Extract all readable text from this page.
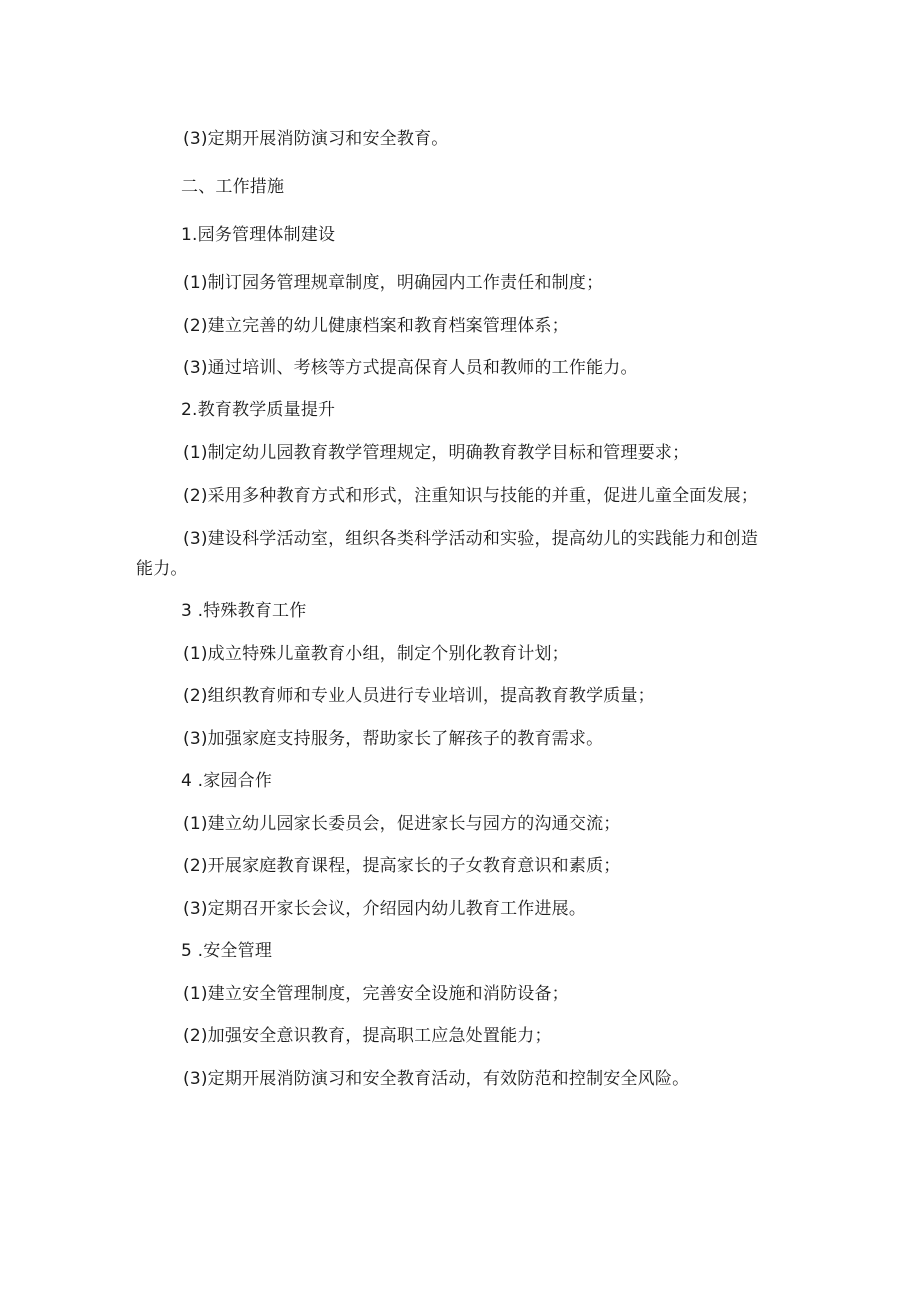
(3)定期开展消防演习和安全教育。
二、工作措施
1.园务管理体制建设
(1)制订园务管理规章制度，明确园内工作责任和制度；
(2)建立完善的幼儿健康档案和教育档案管理体系；
(3)通过培训、考核等方式提高保育人员和教师的工作能力。
2.教育教学质量提升
(1)制定幼儿园教育教学管理规定，明确教育教学目标和管理要求；
(2)采用多种教育方式和形式，注重知识与技能的并重，促进儿童全面发展；
(3)建设科学活动室，组织各类科学活动和实验，提高幼儿的实践能力和创造
能力。
3 .特殊教育工作
(1)成立特殊儿童教育小组，制定个别化教育计划；
(2)组织教育师和专业人员进行专业培训，提高教育教学质量；
(3)加强家庭支持服务，帮助家长了解孩子的教育需求。
4 .家园合作
(1)建立幼儿园家长委员会，促进家长与园方的沟通交流；
(2)开展家庭教育课程，提高家长的子女教育意识和素质；
(3)定期召开家长会议，介绍园内幼儿教育工作进展。
5 .安全管理
(1)建立安全管理制度，完善安全设施和消防设备；
(2)加强安全意识教育，提高职工应急处置能力；
(3)定期开展消防演习和安全教育活动，有效防范和控制安全风险。
